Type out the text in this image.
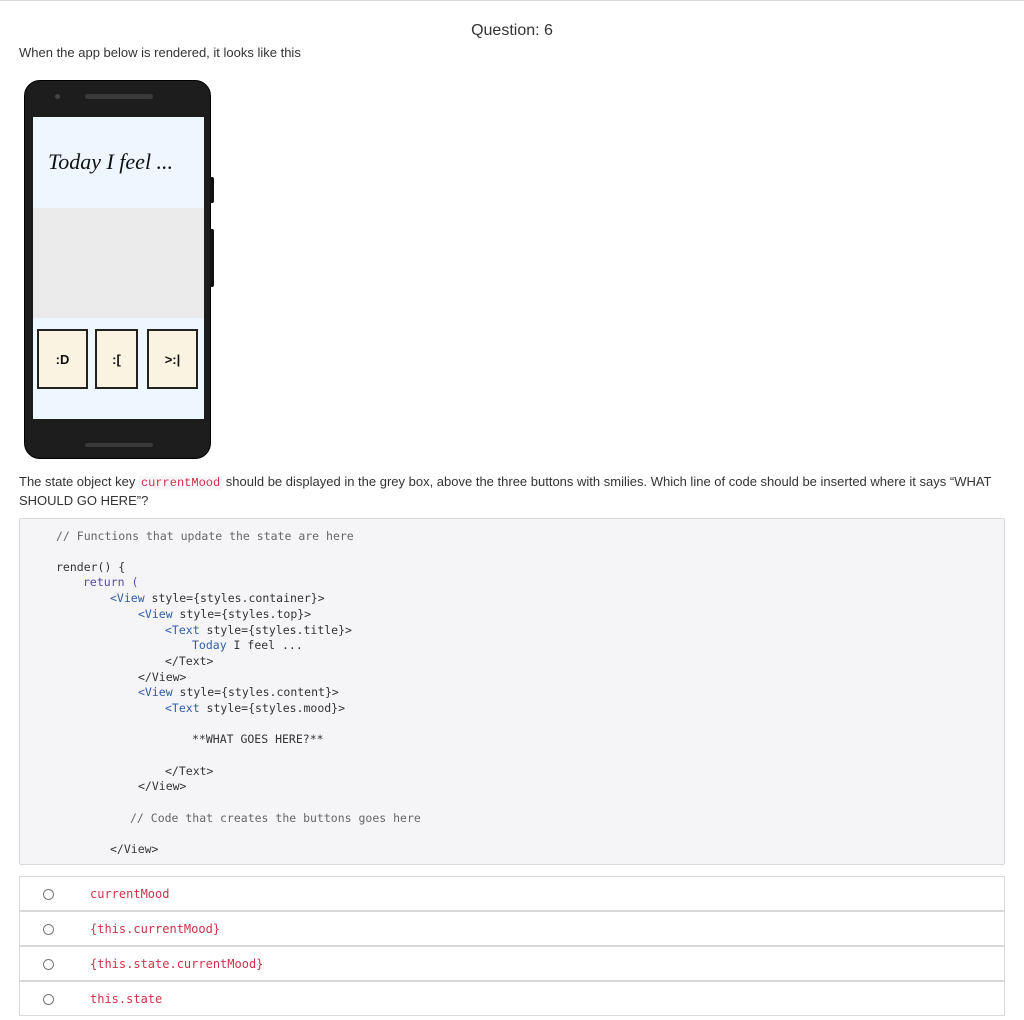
Question: 6
When the app below is rendered, it looks like this
Today I feel ...
:D	:[	>:|
The state object key currentMood should be displayed in the grey box, above the three buttons with smilies. Which line of code should be inserted where it says “WHAT SHOULD GO HERE”?
// Functions that update the state are here
render() {
return (
<View style={styles.container}>
<View style={styles.top}>
<Text style={styles.title}>
Today I feel ...
</Text>
</View>
<View style={styles.content}>
<Text style={styles.mood}>
**WHAT GOES HERE?**
</Text>
</View>
// Code that creates the buttons goes here
</View>
currentMood
{this.currentMood}
{this.state.currentMood}
this.state
